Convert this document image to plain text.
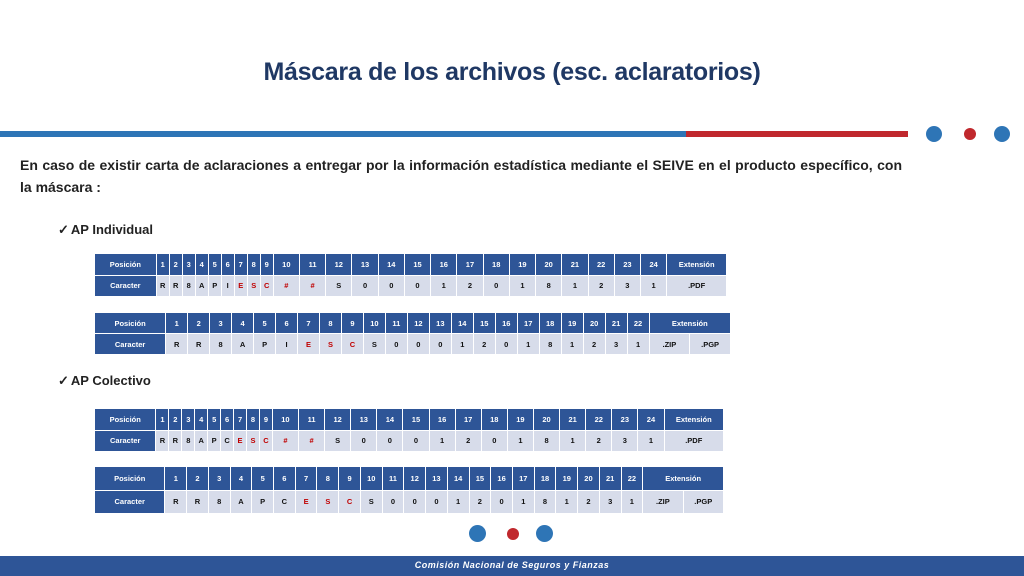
Máscara de los archivos (esc. aclaratorios)

En caso de existir carta de aclaraciones a entregar por la información estadística mediante el SEIVE en el producto específico, con la máscara :

✓ AP Individual
✓ AP Colectivo
Posición	1	2	3	4	5	6	7	8	9	10	11	12	13	14	15	16	17	18	19	20	21	22	23	24	Extensión
Caracter	R	R	8	A	P	I	E	S	C	#	#	S	0	0	0	1	2	0	1	8	1	2	3	1	.PDF
Posición	1	2	3	4	5	6	7	8	9	10	11	12	13	14	15	16	17	18	19	20	21	22	Extensión	
Caracter	R	R	8	A	P	I	E	S	C	S	0	0	0	1	2	0	1	8	1	2	3	1	.ZIP	.PGP
Posición	1	2	3	4	5	6	7	8	9	10	11	12	13	14	15	16	17	18	19	20	21	22	23	24	Extensión
Caracter	R	R	8	A	P	C	E	S	C	#	#	S	0	0	0	1	2	0	1	8	1	2	3	1	.PDF
Posición	1	2	3	4	5	6	7	8	9	10	11	12	13	14	15	16	17	18	19	20	21	22	Extensión	
Caracter	R	R	8	A	P	C	E	S	C	S	0	0	0	1	2	0	1	8	1	2	3	1	.ZIP	.PGP
Comisión Nacional de Seguros y Fianzas
